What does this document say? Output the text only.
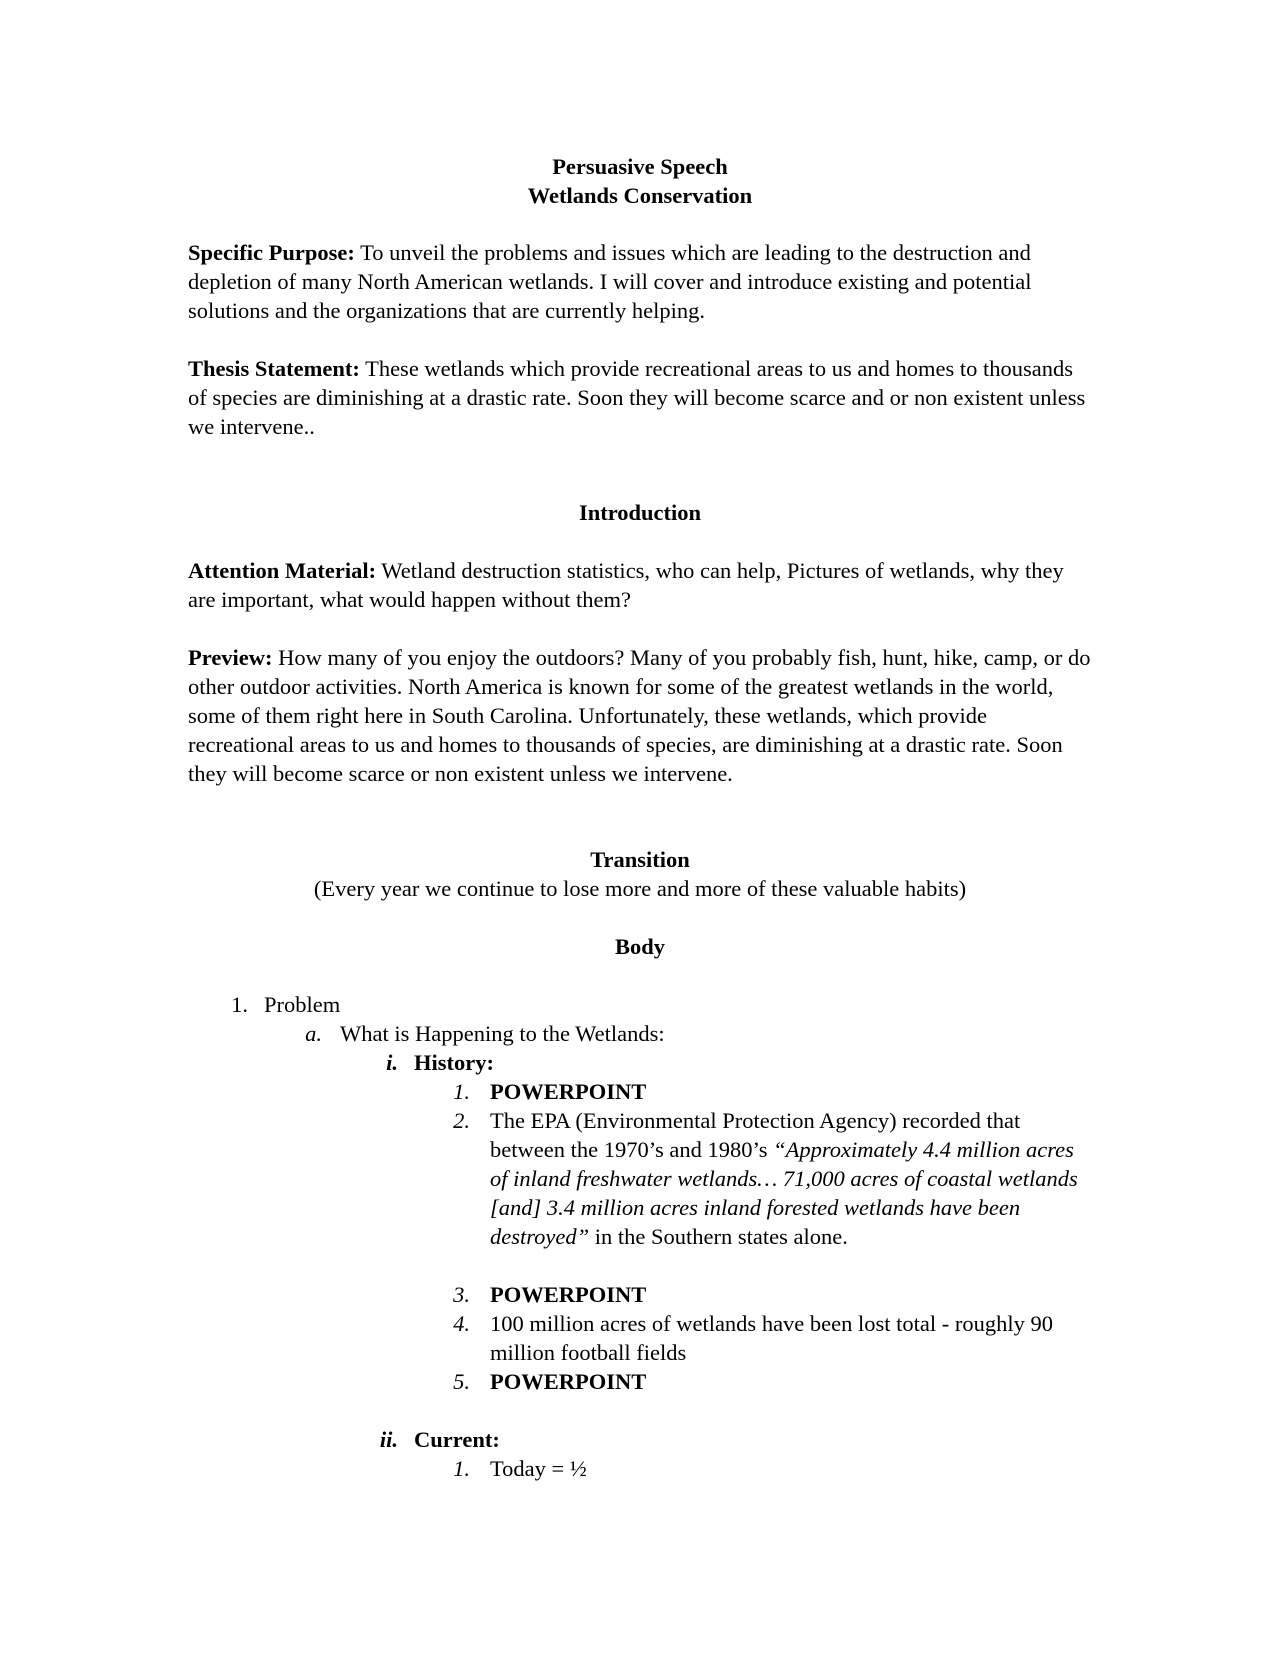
Persuasive Speech
Wetlands Conservation

Specific Purpose: To unveil the problems and issues which are leading to the destruction and depletion of many North American wetlands. I will cover and introduce existing and potential solutions and the organizations that are currently helping.

Thesis Statement: These wetlands which provide recreational areas to us and homes to thousands of species are diminishing at a drastic rate. Soon they will become scarce and or non existent unless we intervene..

Introduction

Attention Material: Wetland destruction statistics, who can help, Pictures of wetlands, why they are important, what would happen without them?

Preview: How many of you enjoy the outdoors? Many of you probably fish, hunt, hike, camp, or do other outdoor activities. North America is known for some of the greatest wetlands in the world, some of them right here in South Carolina. Unfortunately, these wetlands, which provide recreational areas to us and homes to thousands of species, are diminishing at a drastic rate. Soon they will become scarce or non existent unless we intervene.

Transition
(Every year we continue to lose more and more of these valuable habits)
Body
1. Problem
a. What is Happening to the Wetlands:
i. History:
1. POWERPOINT
2. The EPA (Environmental Protection Agency) recorded that between the 1970’s and 1980’s “Approximately 4.4 million acres of inland freshwater wetlands… 71,000 acres of coastal wetlands [and] 3.4 million acres inland forested wetlands have been destroyed” in the Southern states alone.
3. POWERPOINT
4. 100 million acres of wetlands have been lost total - roughly 90 million football fields
5. POWERPOINT
ii. Current:
1. Today = ½
